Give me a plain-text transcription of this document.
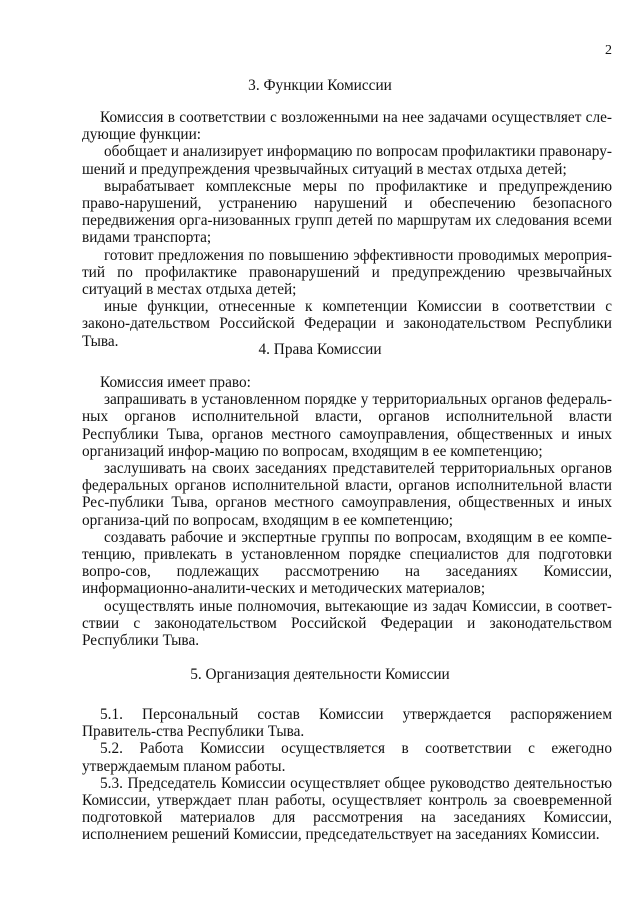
2
3. Функции Комиссии

Комиссия в соответствии с возложенными на нее задачами осуществляет сле-дующие функции:

обобщает и анализирует информацию по вопросам профилактики правонару-шений и предупреждения чрезвычайных ситуаций в местах отдыха детей;

вырабатывает комплексные меры по профилактике и предупреждению право-нарушений, устранению нарушений и обеспечению безопасного передвижения орга-низованных групп детей по маршрутам их следования всеми видами транспорта;

готовит предложения по повышению эффективности проводимых мероприя-тий по профилактике правонарушений и предупреждению чрезвычайных ситуаций в местах отдыха детей;

иные функции, отнесенные к компетенции Комиссии в соответствии с законо-дательством Российской Федерации и законодательством Республики Тыва.	4. Права Комиссии

Комиссия имеет право:

запрашивать в установленном порядке у территориальных органов федераль-ных органов исполнительной власти, органов исполнительной власти Республики Тыва, органов местного самоуправления, общественных и иных организаций инфор-мацию по вопросам, входящим в ее компетенцию;

заслушивать на своих заседаниях представителей территориальных органов федеральных органов исполнительной власти, органов исполнительной власти Рес-публики Тыва, органов местного самоуправления, общественных и иных организа-ций по вопросам, входящим в ее компетенцию;

создавать рабочие и экспертные группы по вопросам, входящим в ее компе-тенцию, привлекать в установленном порядке специалистов для подготовки вопро-сов, подлежащих рассмотрению на заседаниях Комиссии, информационно-аналити-ческих и методических материалов;

осуществлять иные полномочия, вытекающие из задач Комиссии, в соответ-ствии с законодательством Российской Федерации и законодательством Республики Тыва.

5. Организация деятельности Комиссии

5.1. Персональный состав Комиссии утверждается распоряжением Правитель-ства Республики Тыва.

5.2. Работа Комиссии осуществляется в соответствии с ежегодно

утверждаемым планом работы.

5.3. Председатель Комиссии осуществляет общее руководство деятельностью Комиссии, утверждает план работы, осуществляет контроль за своевременной подготовкой материалов для рассмотрения на заседаниях Комиссии, исполнением решений Комиссии, председательствует на заседаниях Комиссии.
